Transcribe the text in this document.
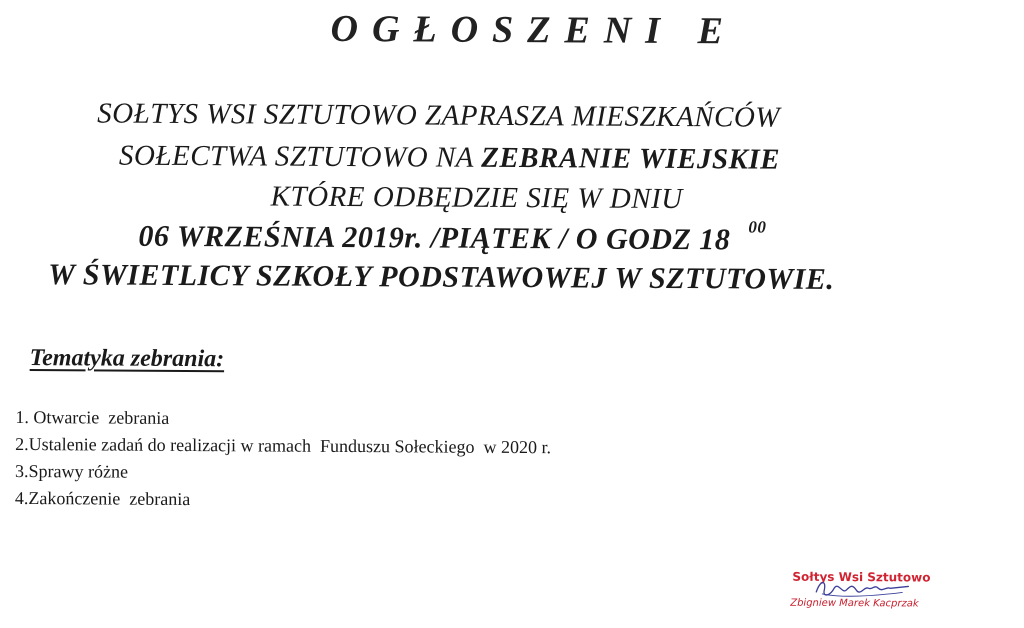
OGŁOSZENI E
SOŁTYS WSI SZTUTOWO ZAPRASZA MIESZKAŃCÓW
SOŁECTWA SZTUTOWO NA ZEBRANIE WIEJSKIE
KTÓRE ODBĘDZIE SIĘ W DNIU
06 WRZEŚNIA 2019r. /PIĄTEK / O GODZ 18 $^{00}$
W ŚWIETLICY SZKOŁY PODSTAWOWEJ W SZTUTOWIE.
Tematyka zebrania:
1. Otwarcie  zebrania
2.Ustalenie zadań do realizacji w ramach  Funduszu Sołeckiego  w 2020 r.
3.Sprawy różne
4.Zakończenie  zebrania
Sołtys Wsi Sztutowo
Zbigniew Marek Kacprzak
